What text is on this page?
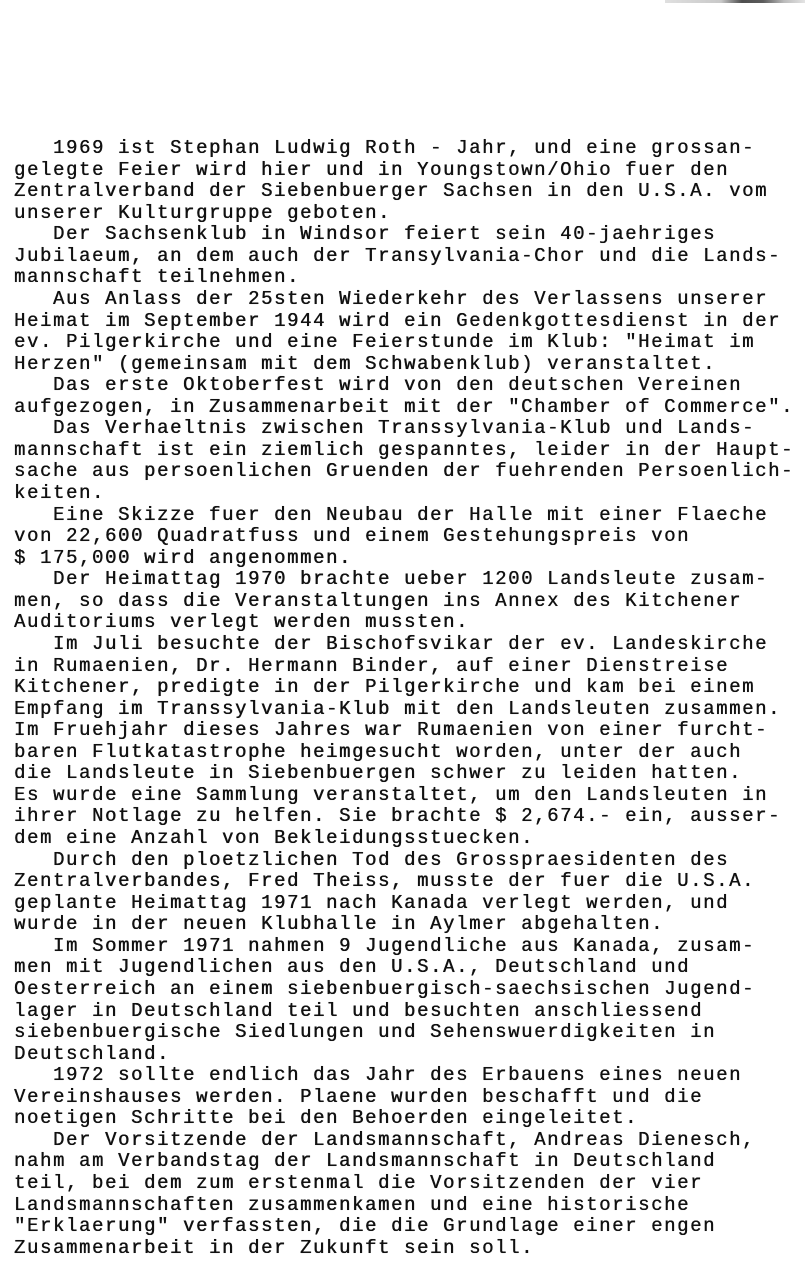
1969 ist Stephan Ludwig Roth - Jahr, und eine grossan-
gelegte Feier wird hier und in Youngstown/Ohio fuer den
Zentralverband der Siebenbuerger Sachsen in den U.S.A. vom
unserer Kulturgruppe geboten.
Der Sachsenklub in Windsor feiert sein 40-jaehriges
Jubilaeum, an dem auch der Transylvania-Chor und die Lands-
mannschaft teilnehmen.
Aus Anlass der 25sten Wiederkehr des Verlassens unserer
Heimat im September 1944 wird ein Gedenkgottesdienst in der
ev. Pilgerkirche und eine Feierstunde im Klub: "Heimat im
Herzen" (gemeinsam mit dem Schwabenklub) veranstaltet.
Das erste Oktoberfest wird von den deutschen Vereinen
aufgezogen, in Zusammenarbeit mit der "Chamber of Commerce".
Das Verhaeltnis zwischen Transsylvania-Klub und Lands-
mannschaft ist ein ziemlich gespanntes, leider in der Haupt-
sache aus persoenlichen Gruenden der fuehrenden Persoenlich-
keiten.
Eine Skizze fuer den Neubau der Halle mit einer Flaeche
von 22,600 Quadratfuss und einem Gestehungspreis von
$ 175,000 wird angenommen.
Der Heimattag 1970 brachte ueber 1200 Landsleute zusam-
men, so dass die Veranstaltungen ins Annex des Kitchener
Auditoriums verlegt werden mussten.
Im Juli besuchte der Bischofsvikar der ev. Landeskirche
in Rumaenien, Dr. Hermann Binder, auf einer Dienstreise
Kitchener, predigte in der Pilgerkirche und kam bei einem
Empfang im Transsylvania-Klub mit den Landsleuten zusammen.
Im Fruehjahr dieses Jahres war Rumaenien von einer furcht-
baren Flutkatastrophe heimgesucht worden, unter der auch
die Landsleute in Siebenbuergen schwer zu leiden hatten.
Es wurde eine Sammlung veranstaltet, um den Landsleuten in
ihrer Notlage zu helfen. Sie brachte $ 2,674.- ein, ausser-
dem eine Anzahl von Bekleidungsstuecken.
Durch den ploetzlichen Tod des Grosspraesidenten des
Zentralverbandes, Fred Theiss, musste der fuer die U.S.A.
geplante Heimattag 1971 nach Kanada verlegt werden, und
wurde in der neuen Klubhalle in Aylmer abgehalten.
Im Sommer 1971 nahmen 9 Jugendliche aus Kanada, zusam-
men mit Jugendlichen aus den U.S.A., Deutschland und
Oesterreich an einem siebenbuergisch-saechsischen Jugend-
lager in Deutschland teil und besuchten anschliessend
siebenbuergische Siedlungen und Sehenswuerdigkeiten in
Deutschland.
1972 sollte endlich das Jahr des Erbauens eines neuen
Vereinshauses werden. Plaene wurden beschafft und die
noetigen Schritte bei den Behoerden eingeleitet.
Der Vorsitzende der Landsmannschaft, Andreas Dienesch,
nahm am Verbandstag der Landsmannschaft in Deutschland
teil, bei dem zum erstenmal die Vorsitzenden der vier
Landsmannschaften zusammenkamen und eine historische
"Erklaerung" verfassten, die die Grundlage einer engen
Zusammenarbeit in der Zukunft sein soll.
